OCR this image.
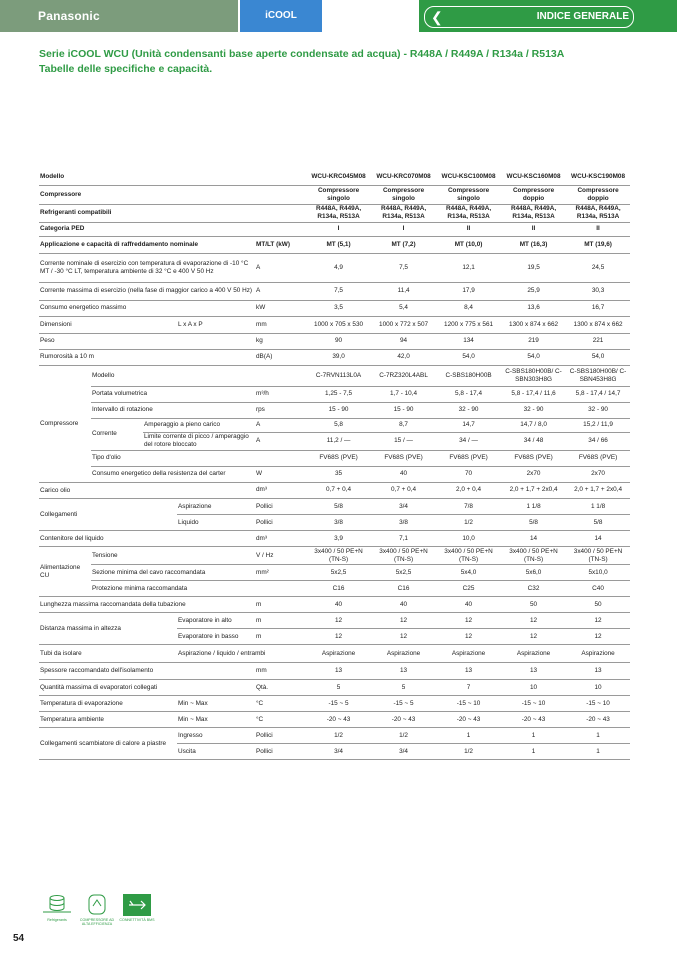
Panasonic	iCOOL	❮	INDICE GENERALE
Serie iCOOL WCU (Unità condensanti base aperte condensate ad acqua) - R448A / R449A / R134a / R513A
Tabelle delle specifiche e capacità.
Modello					WCU-KRC045M08	WCU-KRC070M08	WCU-KSC100M08	WCU-KSC160M08	WCU-KSC190M08
Compressore					Compressore singolo	Compressore singolo	Compressore singolo	Compressore doppio	Compressore doppio
Refrigeranti compatibili					R448A, R449A, R134a, R513A	R448A, R449A, R134a, R513A	R448A, R449A, R134a, R513A	R448A, R449A, R134a, R513A	R448A, R449A, R134a, R513A
Categoria PED					I	I	II	II	II
Applicazione e capacità di raffreddamento nominale				MT/LT (kW)	MT (5,1)	MT (7,2)	MT (10,0)	MT (16,3)	MT (19,6)
Corrente nominale di esercizio con temperatura di evaporazione di -10 °C MT / -30 °C LT, temperatura ambiente di 32 °C e 400 V 50 Hz				A	4,9	7,5	12,1	19,5	24,5
Corrente massima di esercizio (nella fase di maggior carico a 400 V 50 Hz)				A	7,5	11,4	17,9	25,9	30,3
Consumo energetico massimo				kW	3,5	5,4	8,4	13,6	16,7
Dimensioni			L x A x P	mm	1000 x 705 x 530	1000 x 772 x 507	1200 x 775 x 561	1300 x 874 x 662	1300 x 874 x 662
Peso				kg	90	94	134	219	221
Rumorosità a 10 m				dB(A)	39,0	42,0	54,0	54,0	54,0
Compressore	Modello				C-7RVN113L0A	C-7RZ320L4ABL	C-SBS180H00B	C-SBS180H00B/ C-SBN303H8G	C-SBS180H00B/ C-SBN453H8G
	Portata volumetrica			m³/h	1,25 - 7,5	1,7 - 10,4	5,8 - 17,4	5,8 - 17,4 / 11,6	5,8 - 17,4 / 14,7
	Intervallo di rotazione			rps	15 - 90	15 - 90	32 - 90	32 - 90	32 - 90
	Corrente	Amperaggio a pieno carico		A	5,8	8,7	14,7	14,7 / 8,0	15,2 / 11,9
		Limite corrente di picco / amperaggio del rotore bloccato		A	11,2 / —	15 / —	34 / —	34 / 48	34 / 66
	Tipo d'olio				FV68S (PVE)	FV68S (PVE)	FV68S (PVE)	FV68S (PVE)	FV68S (PVE)
	Consumo energetico della resistenza del carter			W	35	40	70	2x70	2x70

Carico olio				dm³	0,7 + 0,4	0,7 + 0,4	2,0 + 0,4	2,0 + 1,7 + 2x0,4	2,0 + 1,7 + 2x0,4
Collegamenti			Aspirazione	Pollici	5/8	3/4	7/8	1 1/8	1 1/8
			Liquido	Pollici	3/8	3/8	1/2	5/8	5/8
Contenitore del liquido				dm³	3,9	7,1	10,0	14	14
Alimentazione CU	Tensione			V / Hz	3x400 / 50 PE+N (TN-S)	3x400 / 50 PE+N (TN-S)	3x400 / 50 PE+N (TN-S)	3x400 / 50 PE+N (TN-S)	3x400 / 50 PE+N (TN-S)
	Sezione minima del cavo raccomandata			mm²	5x2,5	5x2,5	5x4,0	5x6,0	5x10,0
	Protezione minima raccomandata				C16	C16	C25	C32	C40
Lunghezza massima raccomandata della tubazione				m	40	40	40	50	50
Distanza massima in altezza			Evaporatore in alto	m	12	12	12	12	12
			Evaporatore in basso	m	12	12	12	12	12
Tubi da isolare			Aspirazione / liquido / entrambi		Aspirazione	Aspirazione	Aspirazione	Aspirazione	Aspirazione
Spessore raccomandato dell'isolamento				mm	13	13	13	13	13
Quantità massima di evaporatori collegati				Qtà.	5	5	7	10	10
Temperatura di evaporazione			Min ~ Max	°C	-15 ~ 5	-15 ~ 5	-15 ~ 10	-15 ~ 10	-15 ~ 10
Temperatura ambiente			Min ~ Max	°C	-20 ~ 43	-20 ~ 43	-20 ~ 43	-20 ~ 43	-20 ~ 43
Collegamenti scambiatore di calore a piastre			Ingresso	Pollici	1/2	1/2	1	1	1
			Uscita	Pollici	3/4	3/4	1/2	1	1
Refrigerants	COMPRESSORE AD ALTA EFFICIENZA
CONNETTIVITÀ BMS
54
